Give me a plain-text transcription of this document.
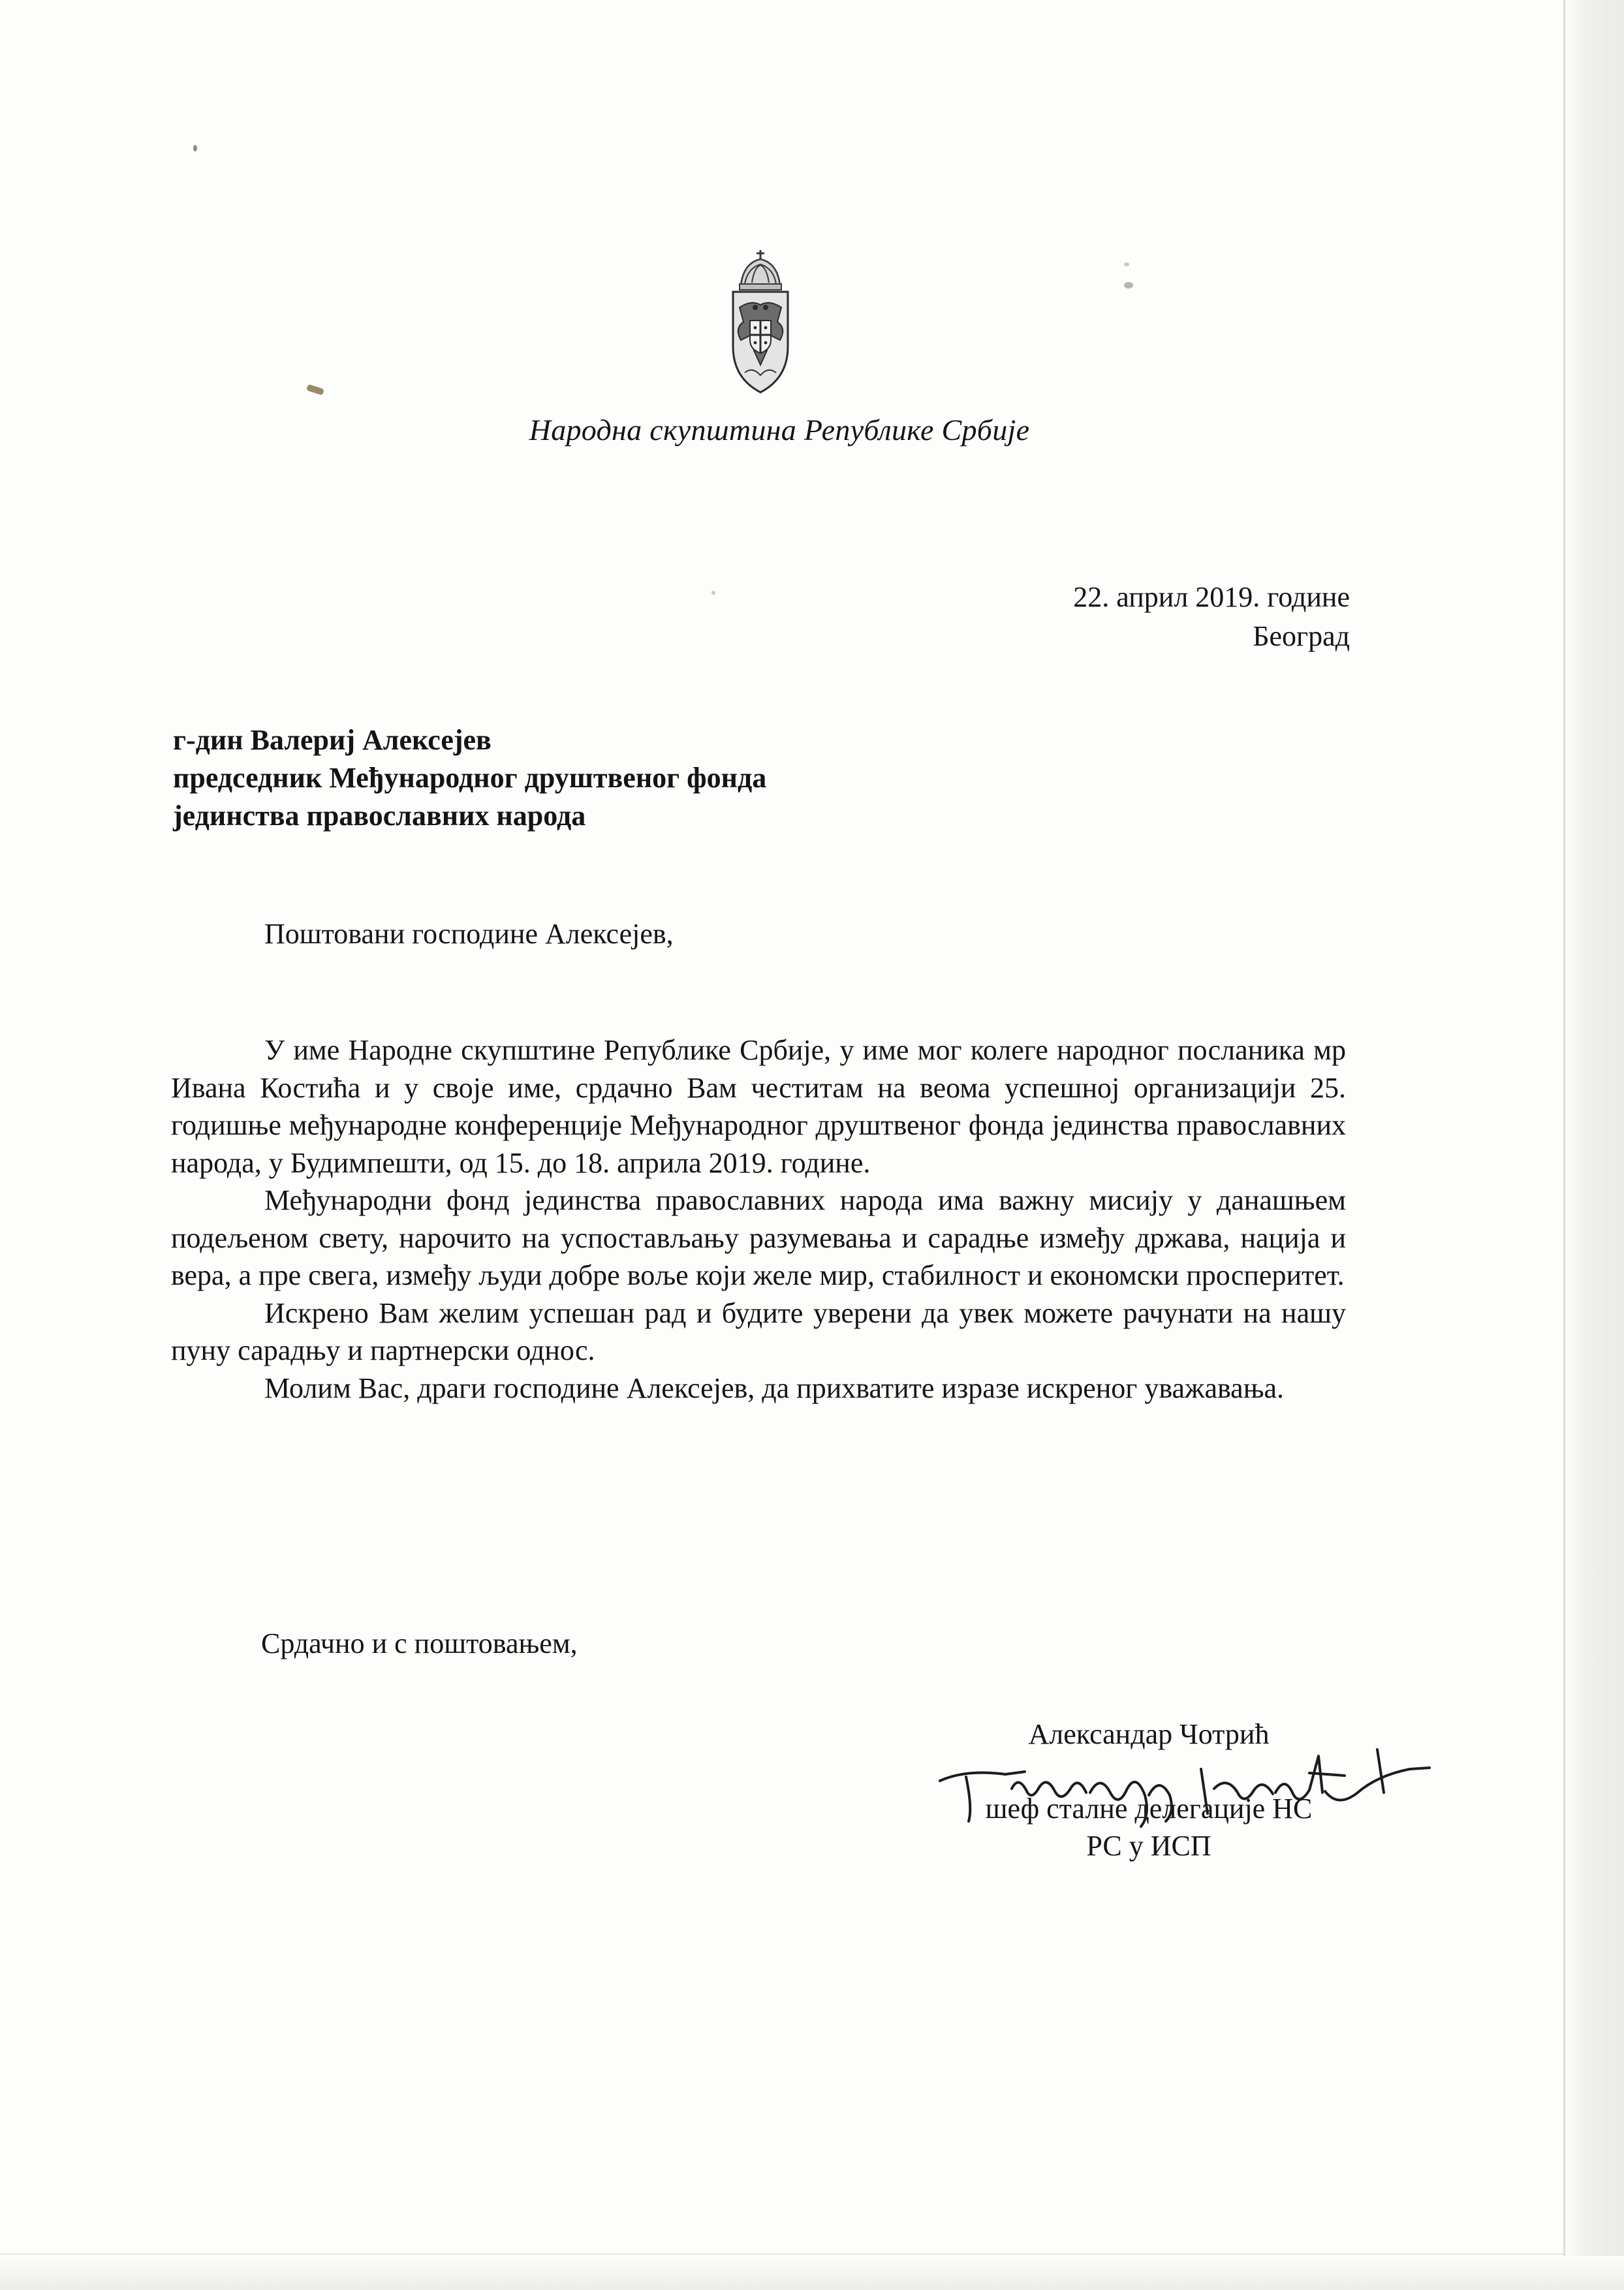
Народна скупштина Републике Србије
22. април 2019. године
Београд
г-дин Валериј Алексејев
председник Међународног друштвеног фонда
јединства православних народа
Поштовани господине Алексејев,

У име Народне скупштине Републике Србије, у име мог колеге народног посланика мр Ивана Костића и у своје име, срдачно Вам честитам на веома успешној организацији 25. годишње међународне конференције Међународног друштвеног фонда јединства православних народа, у Будимпешти, од 15. до 18. априла 2019. године.

Међународни фонд јединства православних народа има важну мисију у данашњем подељеном свету, нарочито на успостављању разумевања и сарадње између држава, нација и вера, а пре свега, између људи добре воље који желе мир, стабилност и економски просперитет.

Искрено Вам желим успешан рад и будите уверени да увек можете рачунати на нашу пуну сарадњу и партнерски однос.

Молим Вас, драги господине Алексејев, да прихватите изразе искреног уважавања.

Срдачно и с поштовањем,
Александар Чотрић
шеф сталне делегације НС
РС у ИСП
